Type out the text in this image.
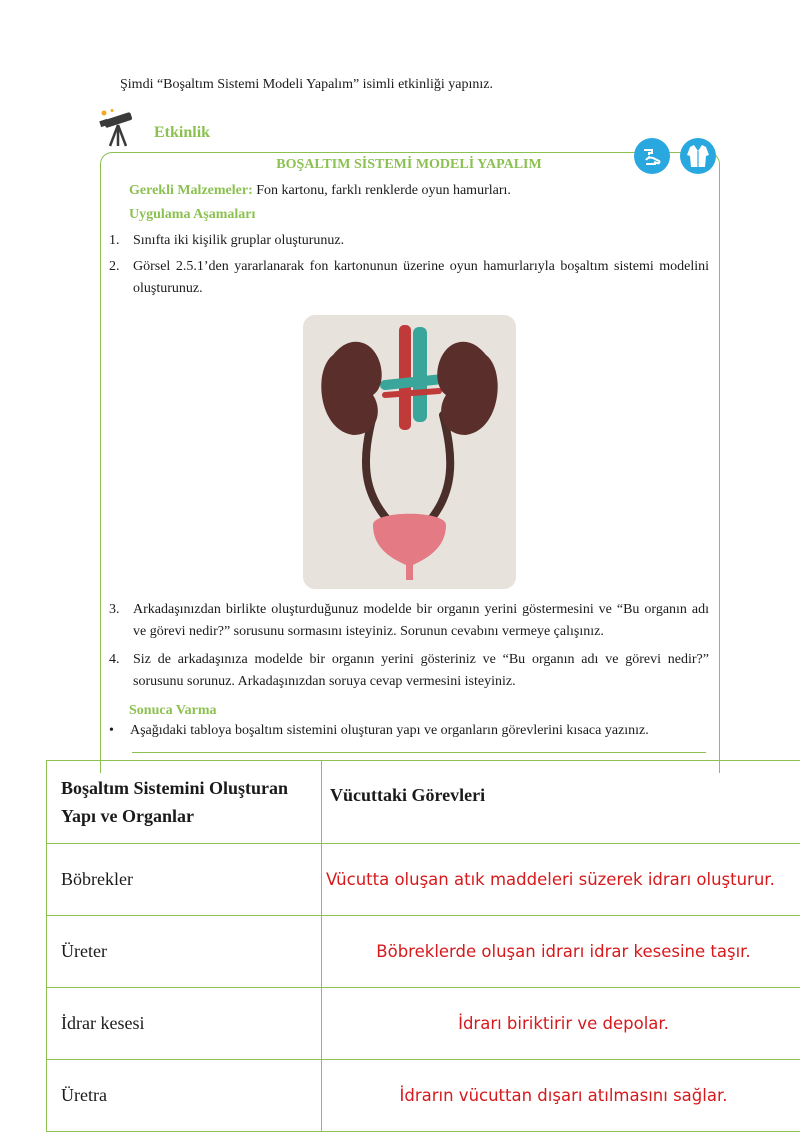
Şimdi “Boşaltım Sistemi Modeli Yapalım” isimli etkinliği yapınız.
Etkinlik
BOŞALTIM SİSTEMİ MODELİ YAPALIM
Gerekli Malzemeler: Fon kartonu, farklı renklerde oyun hamurları.
Uygulama Aşamaları
1. Sınıfta iki kişilik gruplar oluşturunuz.
2. Görsel 2.5.1’den yararlanarak fon kartonunun üzerine oyun hamurlarıyla boşaltım sistemi modelini oluşturunuz.
3. Arkadaşınızdan birlikte oluşturduğunuz modelde bir organın yerini göstermesini ve “Bu organın adı ve görevi nedir?” sorusunu sormasını isteyiniz. Sorunun cevabını vermeye çalışınız.
4. Siz de arkadaşınıza modelde bir organın yerini gösteriniz ve “Bu organın adı ve görevi nedir?” sorusunu sorunuz. Arkadaşınızdan soruya cevap vermesini isteyiniz.
Sonuca Varma
• Aşağıdaki tabloya boşaltım sistemini oluşturan yapı ve organların görevlerini kısaca yazınız.
Boşaltım Sistemini Oluşturan Yapı ve Organlar	Vücuttaki Görevleri
Böbrekler	Vücutta oluşan atık maddeleri süzerek idrarı oluşturur.
Üreter	Böbreklerde oluşan idrarı idrar kesesine taşır.
İdrar kesesi	İdrarı biriktirir ve depolar.
Üretra	İdrarın vücuttan dışarı atılmasını sağlar.
